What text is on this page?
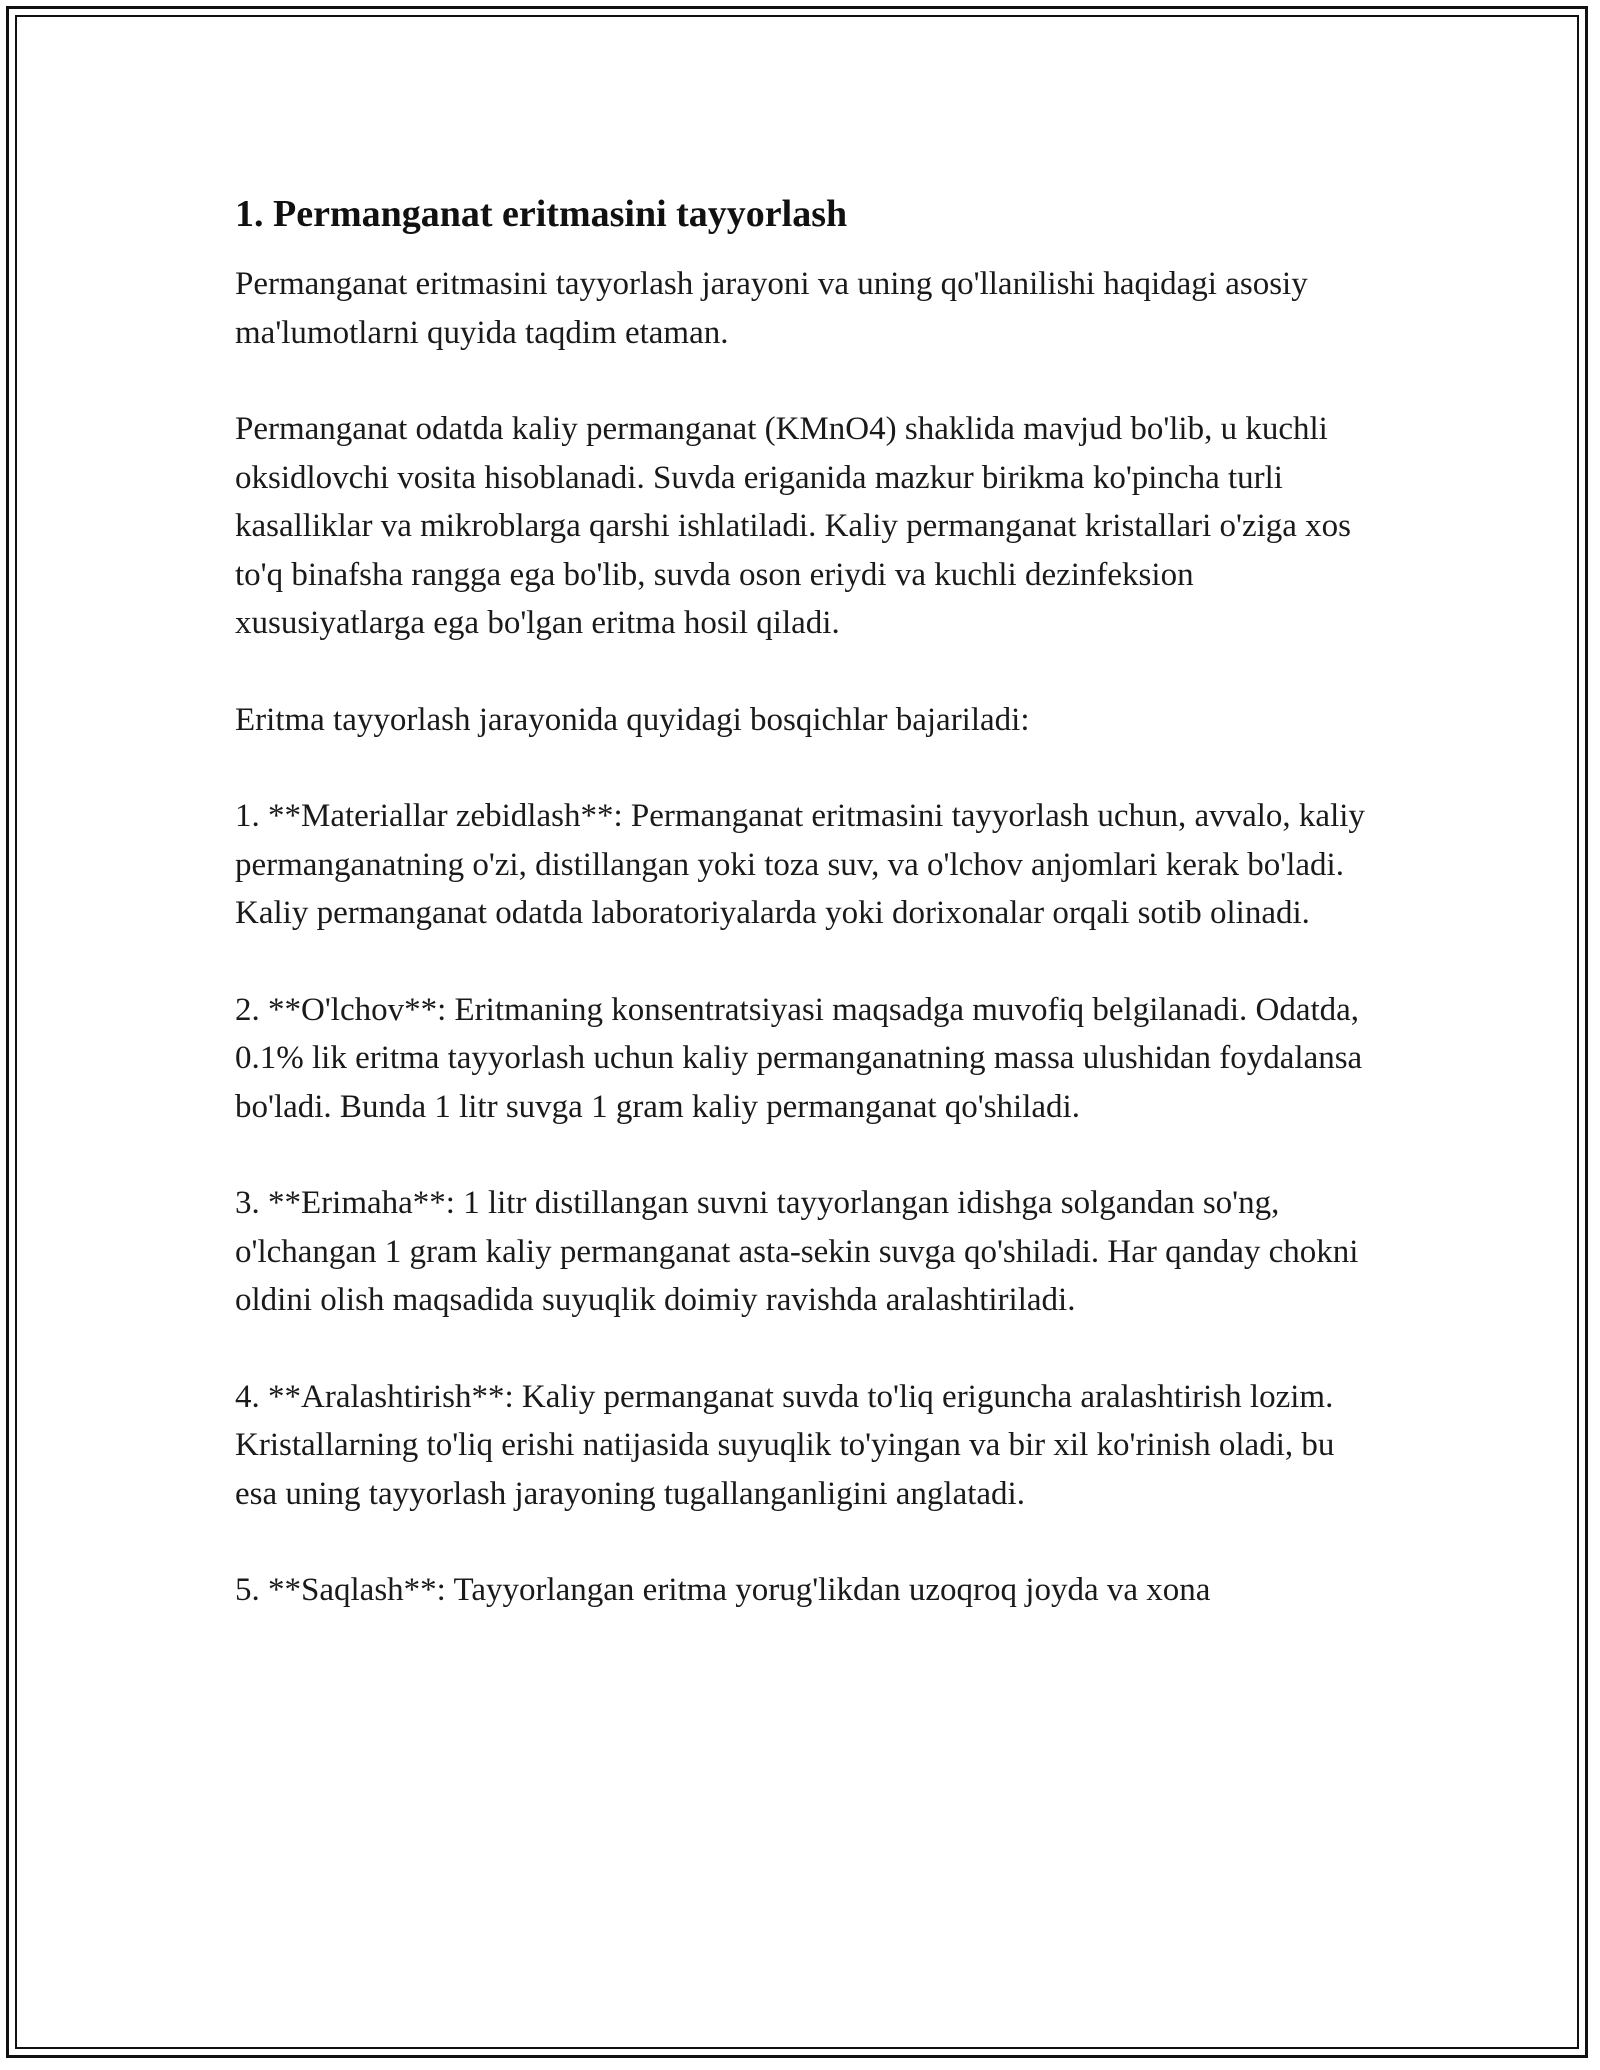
1. Permanganat eritmasini tayyorlash

Permanganat eritmasini tayyorlash jarayoni va uning qo'llanilishi haqidagi asosiy ma'lumotlarni quyida taqdim etaman.

Permanganat odatda kaliy permanganat (KMnO4) shaklida mavjud bo'lib, u kuchli oksidlovchi vosita hisoblanadi. Suvda eriganida mazkur birikma ko'pincha turli kasalliklar va mikroblarga qarshi ishlatiladi. Kaliy permanganat kristallari o'ziga xos to'q binafsha rangga ega bo'lib, suvda oson eriydi va kuchli dezinfeksion xususiyatlarga ega bo'lgan eritma hosil qiladi.

Eritma tayyorlash jarayonida quyidagi bosqichlar bajariladi:

1. **Materiallar zebidlash**: Permanganat eritmasini tayyorlash uchun, avvalo, kaliy permanganatning o'zi, distillangan yoki toza suv, va o'lchov anjomlari kerak bo'ladi. Kaliy permanganat odatda laboratoriyalarda yoki dorixonalar orqali sotib olinadi.

2. **O'lchov**: Eritmaning konsentratsiyasi maqsadga muvofiq belgilanadi. Odatda, 0.1% lik eritma tayyorlash uchun kaliy permanganatning massa ulushidan foydalansa bo'ladi. Bunda 1 litr suvga 1 gram kaliy permanganat qo'shiladi.

3. **Erimaha**: 1 litr distillangan suvni tayyorlangan idishga solgandan so'ng, o'lchangan 1 gram kaliy permanganat asta-sekin suvga qo'shiladi. Har qanday chokni oldini olish maqsadida suyuqlik doimiy ravishda aralashtiriladi.

4. **Aralashtirish**: Kaliy permanganat suvda to'liq eriguncha aralashtirish lozim. Kristallarning to'liq erishi natijasida suyuqlik to'yingan va bir xil ko'rinish oladi, bu esa uning tayyorlash jarayoning tugallanganligini anglatadi.

5. **Saqlash**: Tayyorlangan eritma yorug'likdan uzoqroq joyda va xona
